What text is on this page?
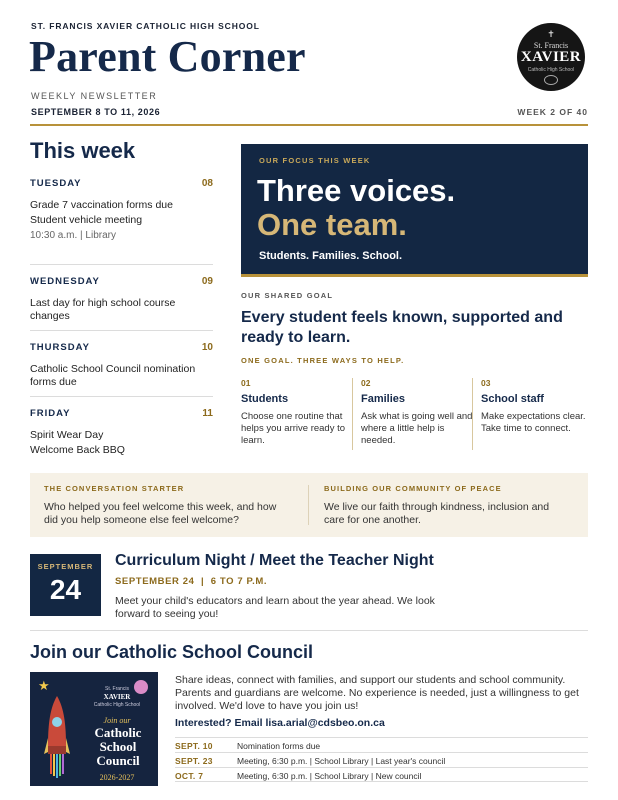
ST. FRANCIS XAVIER CATHOLIC HIGH SCHOOL
Parent Corner	✝
St. Francis
XAVIER
Catholic High School
WEEKLY NEWSLETTER
SEPTEMBER 8 TO 11, 2026	WEEK 2 OF 40
This week
TUESDAY	08
Grade 7 vaccination forms due
Student vehicle meeting
10:30 a.m. | Library
WEDNESDAY	09
Last day for high school course changes
THURSDAY	10
Catholic School Council nomination forms due
FRIDAY	11
Spirit Wear Day
Welcome Back BBQ
OUR FOCUS THIS WEEK
Three voices.
One team.
Students. Families. School.
OUR SHARED GOAL
Every student feels known, supported and ready to learn.
ONE GOAL. THREE WAYS TO HELP.
01
Students
Choose one routine that helps you arrive ready to learn.
02
Families
Ask what is going well and where a little help is needed.
03
School staff
Make expectations clear. Take time to connect.
THE CONVERSATION STARTER
Who helped you feel welcome this week, and how did you help someone else feel welcome?
BUILDING OUR COMMUNITY OF PEACE
We live our faith through kindness, inclusion and care for one another.
SEPTEMBER
24
Curriculum Night / Meet the Teacher Night
SEPTEMBER 24  |  6 TO 7 P.M.
Meet your child's educators and learn about the year ahead. We look forward to seeing you!
Join our Catholic School Council
★	St. Francis
XAVIER
Catholic High School
Join our
Catholic School Council
2026-2027
Share ideas, connect with families, and support our students and school community. Parents and guardians are welcome. No experience is needed, just a willingness to get involved. We'd love to have you join us!
Interested? Email lisa.arial@cdsbeo.on.ca
SEPT. 10	Nomination forms due
SEPT. 23	Meeting, 6:30 p.m. | School Library | Last year's council
OCT. 7	Meeting, 6:30 p.m. | School Library | New council
